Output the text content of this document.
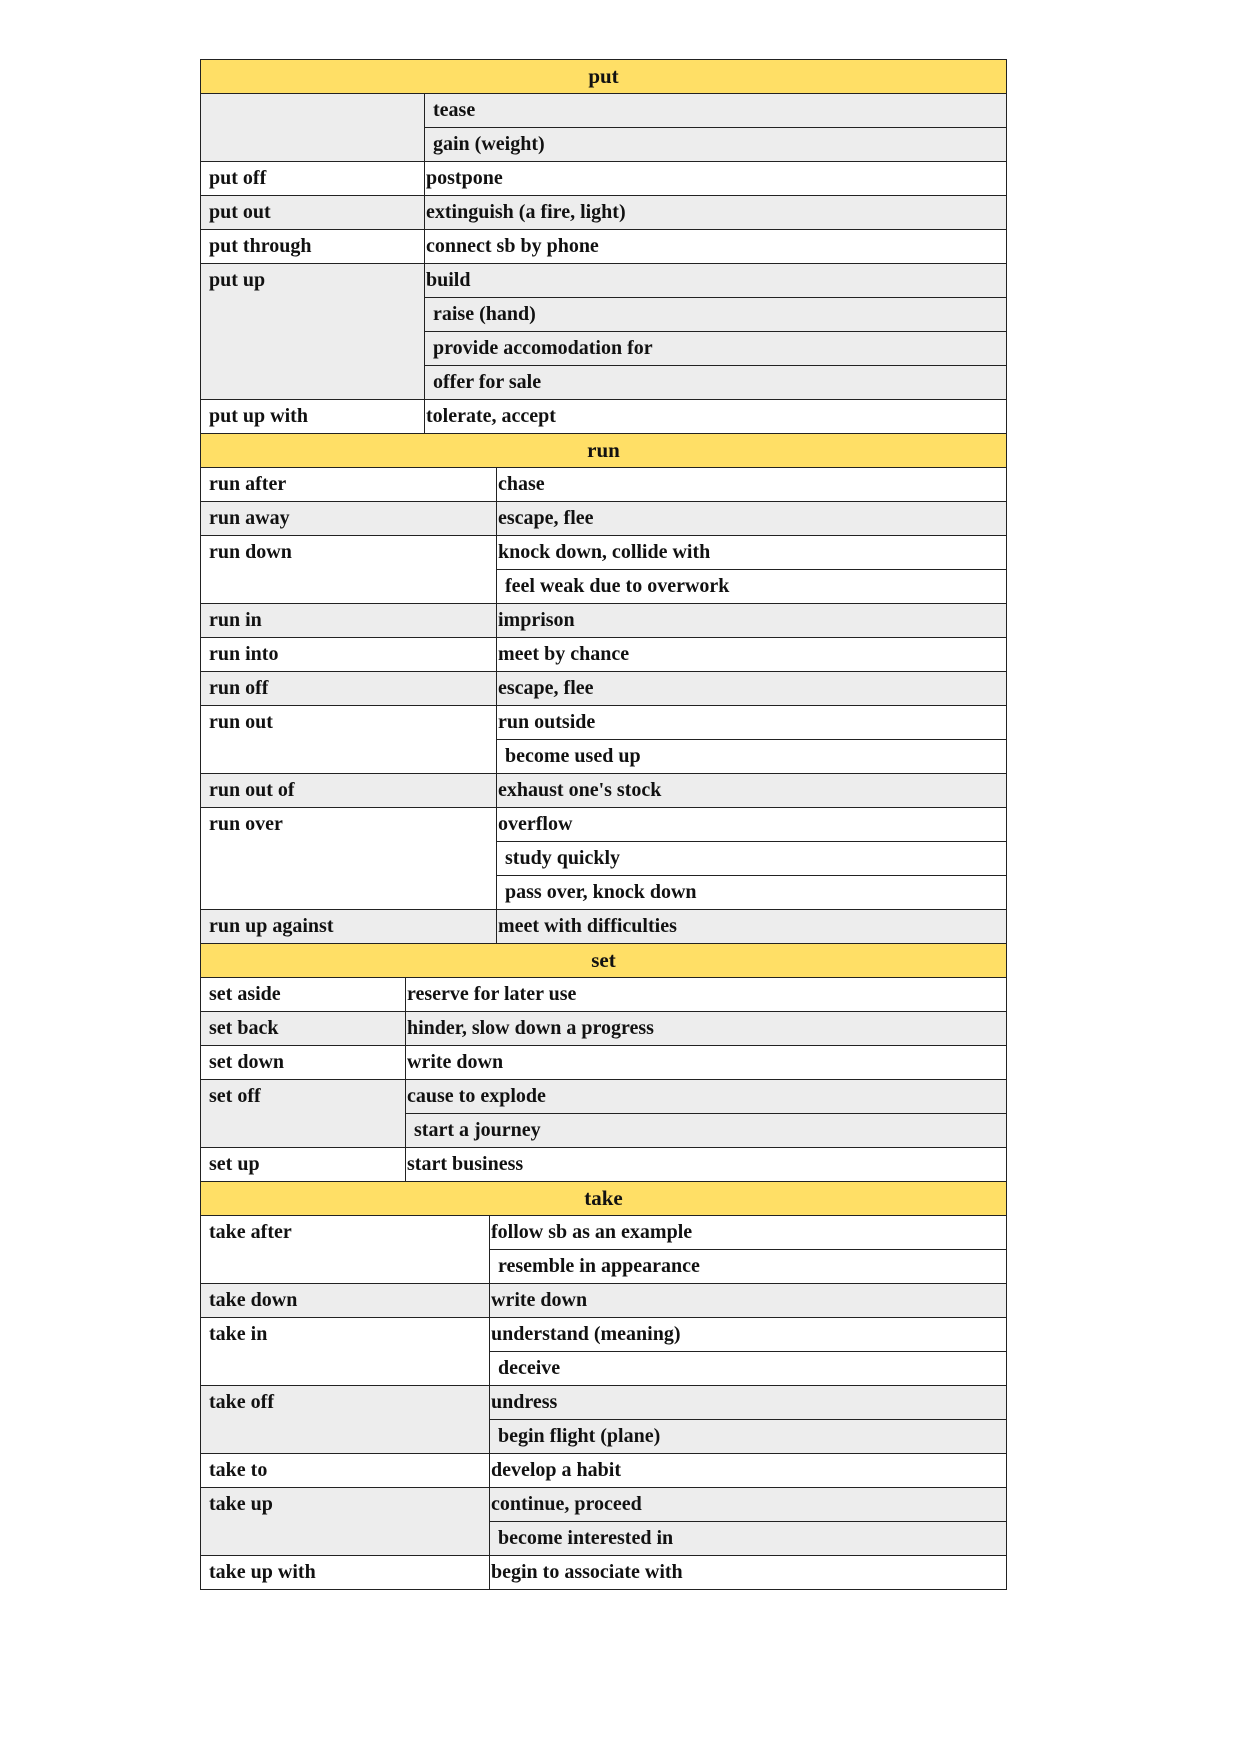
put
tease
gain (weight)
put off	postpone
put out	extinguish (a fire, light)
put through	connect sb by phone
put up	build
raise (hand)
provide accomodation for
offer for sale
put up with	tolerate, accept
run
run after	chase
run away	escape, flee
run down	knock down, collide with
feel weak due to overwork
run in	imprison
run into	meet by chance
run off	escape, flee
run out	run outside
become used up
run out of	exhaust one's stock
run over	overflow
study quickly
pass over, knock down
run up against	meet with difficulties
set
set aside	reserve for later use
set back	hinder, slow down a progress
set down	write down
set off	cause to explode
start a journey
set up	start business
take
take after	follow sb as an example
resemble in appearance
take down	write down
take in	understand (meaning)
deceive
take off	undress
begin flight (plane)
take to	develop a habit
take up	continue, proceed
become interested in
take up with	begin to associate with
